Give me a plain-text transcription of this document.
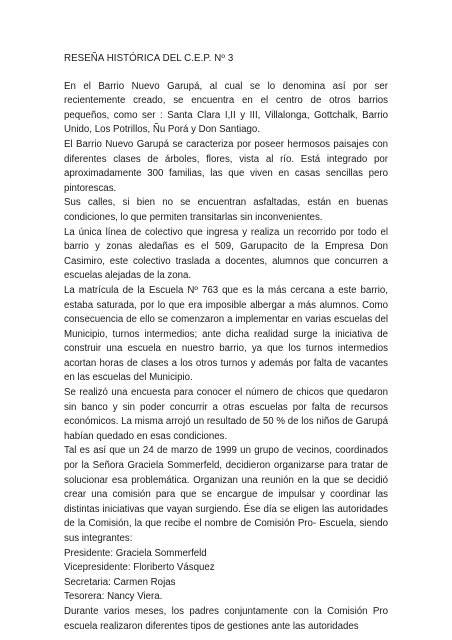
RESEÑA HISTÓRICA DEL C.E.P. Nº 3

En el Barrio Nuevo Garupá, al cual se lo denomina así por ser recientemente creado, se encuentra en el centro de otros barrios pequeños, como ser : Santa Clara I,II y III, Villalonga, Gottchalk, Barrio Unido, Los Potrillos, Ñu Porá y Don Santiago.

El Barrio Nuevo Garupá se caracteriza por poseer hermosos paisajes con diferentes clases de árboles, flores, vista al río. Está integrado por aproximadamente 300 familias, las que viven en casas sencillas pero pintorescas.

Sus calles, si bien no se encuentran asfaltadas, están en buenas condiciones, lo que permiten transitarlas sin inconvenientes.

La única línea de colectivo que ingresa y realiza un recorrido por todo el barrio y zonas aledañas es el 509, Garupacito de la Empresa Don Casimiro, este colectivo traslada a docentes, alumnos que concurren a escuelas alejadas de la zona.

La matrícula de la Escuela Nº 763 que es la más cercana a este barrio, estaba saturada, por lo que era imposible albergar a más alumnos. Como consecuencia de ello se comenzaron a implementar en varias escuelas del Municipio, turnos intermedios; ante dicha realidad surge la iniciativa de construir una escuela en nuestro barrio, ya que los turnos intermedios acortan horas de clases a los otros turnos y además por falta de vacantes en las escuelas del Municipio.

Se realizó una encuesta para conocer el número de chicos que quedaron sin banco y sin poder concurrir a otras escuelas por falta de recursos económicos. La misma arrojó un resultado de 50 % de los niños de Garupá habían quedado en esas condiciones.

Tal es así que un 24 de marzo de 1999 un grupo de vecinos, coordinados por la Señora Graciela Sommerfeld, decidieron organizarse para tratar de solucionar esa problemática. Organizan una reunión en la que se decidió crear una comisión para que se encargue de impulsar y coordinar las distintas iniciativas que vayan surgiendo. Ése día se eligen las autoridades de la Comisión, la que recibe el nombre de Comisión Pro- Escuela, siendo sus integrantes:

Presidente: Graciela Sommerfeld

Vicepresidente: Floriberto Vásquez

Secretaria: Carmen Rojas

Tesorera: Nancy Viera.

Durante varios meses, los padres conjuntamente con la Comisión Pro escuela realizaron diferentes tipos de gestiones ante las autoridades
